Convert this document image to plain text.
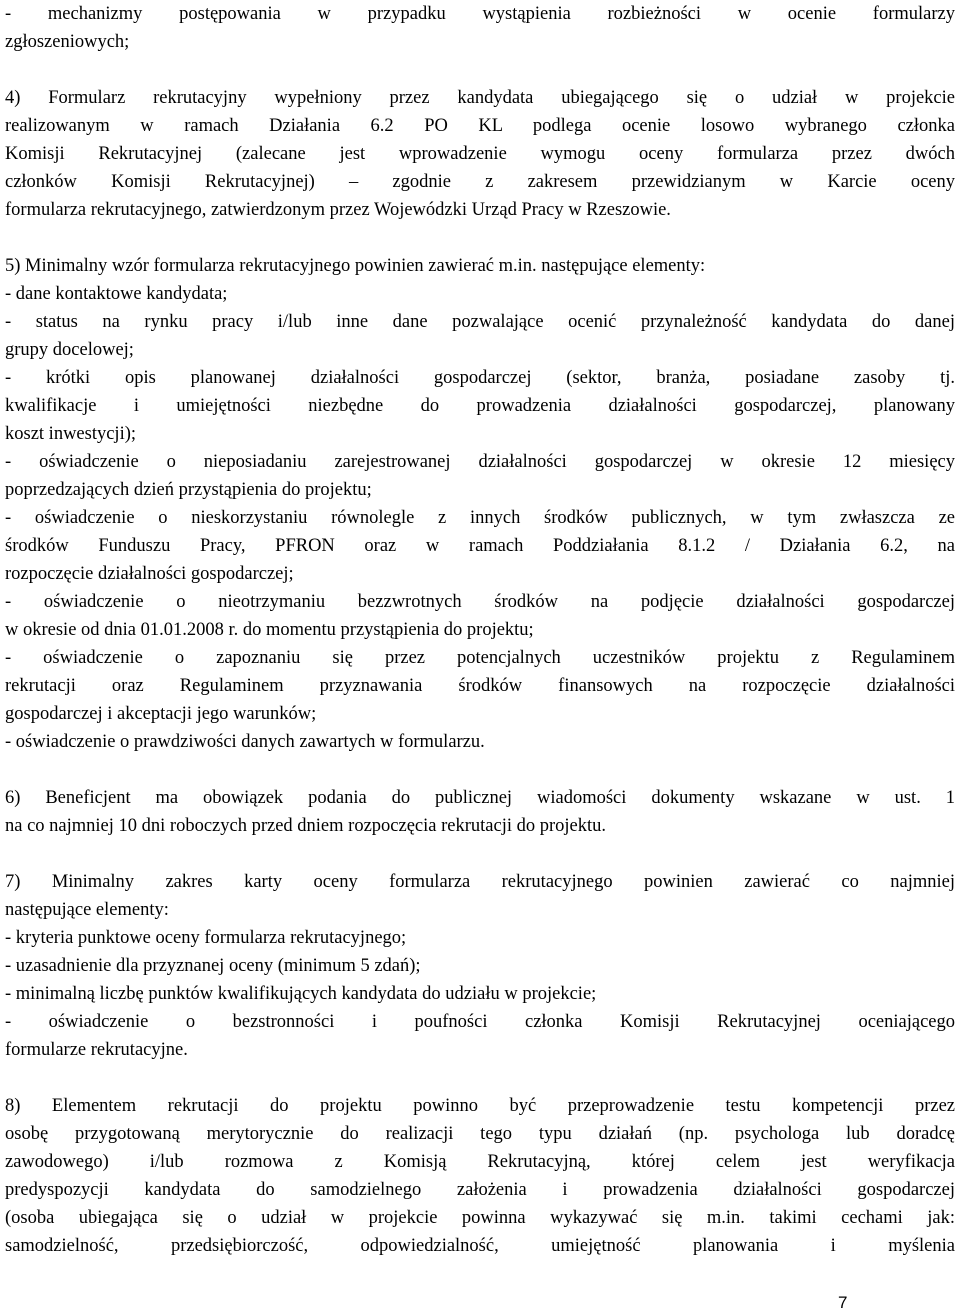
- mechanizmy postępowania w przypadku wystąpienia rozbieżności w ocenie formularzy
zgłoszeniowych;
4) Formularz rekrutacyjny wypełniony przez kandydata ubiegającego się o udział w projekcie
realizowanym w ramach Działania 6.2 PO KL podlega ocenie losowo wybranego członka
Komisji Rekrutacyjnej (zalecane jest wprowadzenie wymogu oceny formularza przez dwóch
członków Komisji Rekrutacyjnej) – zgodnie z zakresem przewidzianym w Karcie oceny
formularza rekrutacyjnego, zatwierdzonym przez Wojewódzki Urząd Pracy w Rzeszowie.
5) Minimalny wzór formularza rekrutacyjnego powinien zawierać m.in. następujące elementy:
- dane kontaktowe kandydata;
- status na rynku pracy i/lub inne dane pozwalające ocenić przynależność kandydata do danej
grupy docelowej;
- krótki opis planowanej działalności gospodarczej (sektor, branża, posiadane zasoby tj.
kwalifikacje i umiejętności niezbędne do prowadzenia działalności gospodarczej, planowany
koszt inwestycji);
- oświadczenie o nieposiadaniu zarejestrowanej działalności gospodarczej w okresie 12 miesięcy
poprzedzających dzień przystąpienia do projektu;
- oświadczenie o nieskorzystaniu równolegle z innych środków publicznych, w tym zwłaszcza ze
środków Funduszu Pracy, PFRON oraz w ramach Poddziałania 8.1.2 / Działania 6.2, na
rozpoczęcie działalności gospodarczej;
- oświadczenie o nieotrzymaniu bezzwrotnych środków na podjęcie działalności gospodarczej
w okresie od dnia 01.01.2008 r. do momentu przystąpienia do projektu;
- oświadczenie o zapoznaniu się przez potencjalnych uczestników projektu z Regulaminem
rekrutacji oraz Regulaminem przyznawania środków finansowych na rozpoczęcie działalności
gospodarczej i akceptacji jego warunków;
- oświadczenie o prawdziwości danych zawartych w formularzu.
6) Beneficjent ma obowiązek podania do publicznej wiadomości dokumenty wskazane w ust. 1
na co najmniej 10 dni roboczych przed dniem rozpoczęcia rekrutacji do projektu.
7) Minimalny zakres karty oceny formularza rekrutacyjnego powinien zawierać co najmniej
następujące elementy:
- kryteria punktowe oceny formularza rekrutacyjnego;
- uzasadnienie dla przyznanej oceny (minimum 5 zdań);
- minimalną liczbę punktów kwalifikujących kandydata do udziału w projekcie;
- oświadczenie o bezstronności i poufności członka Komisji Rekrutacyjnej oceniającego
formularze rekrutacyjne.
8) Elementem rekrutacji do projektu powinno być przeprowadzenie testu kompetencji przez
osobę przygotowaną merytorycznie do realizacji tego typu działań (np. psychologa lub doradcę
zawodowego) i/lub rozmowa z Komisją Rekrutacyjną, której celem jest weryfikacja
predyspozycji kandydata do samodzielnego założenia i prowadzenia działalności gospodarczej
(osoba ubiegająca się o udział w projekcie powinna wykazywać się m.in. takimi cechami jak:
samodzielność, przedsiębiorczość, odpowiedzialność, umiejętność planowania i myślenia
7
